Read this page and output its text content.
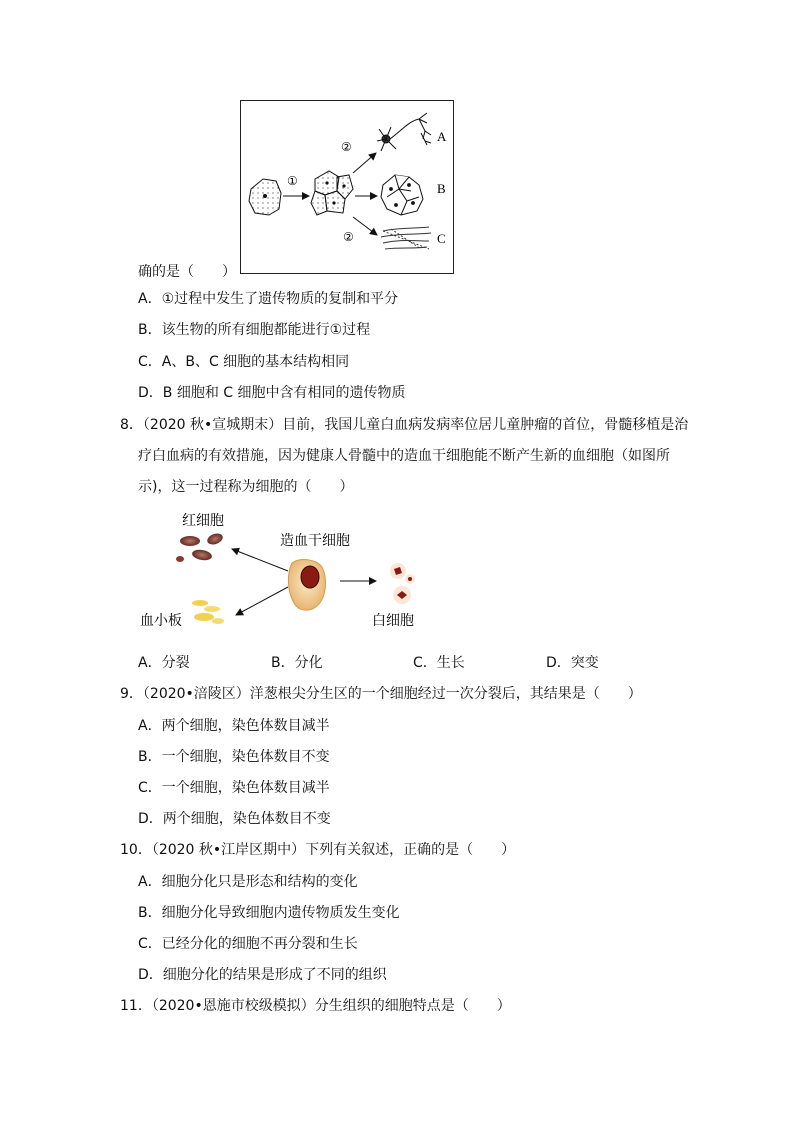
①
②
②
A
B
C
确的是（　　）
A．①过程中发生了遗传物质的复制和平分
B．该生物的所有细胞都能进行①过程
C．A、B、C 细胞的基本结构相同
D．B 细胞和 C 细胞中含有相同的遗传物质
8．（2020 秋•宣城期末）目前，我国儿童白血病发病率位居儿童肿瘤的首位，骨髓移植是治
疗白血病的有效措施，因为健康人骨髓中的造血干细胞能不断产生新的血细胞（如图所
示)，这一过程称为细胞的（　　）
红细胞
造血干细胞
血小板	白细胞
A．分裂	B．分化	C．生长	D．突变
9．（2020•涪陵区）洋葱根尖分生区的一个细胞经过一次分裂后，其结果是（　　）
A．两个细胞，染色体数目减半
B．一个细胞，染色体数目不变
C．一个细胞，染色体数目减半
D．两个细胞，染色体数目不变
10．（2020 秋•江岸区期中）下列有关叙述，正确的是（　　）
A．细胞分化只是形态和结构的变化
B．细胞分化导致细胞内遗传物质发生变化
C．已经分化的细胞不再分裂和生长
D．细胞分化的结果是形成了不同的组织
11．（2020•恩施市校级模拟）分生组织的细胞特点是（　　）
